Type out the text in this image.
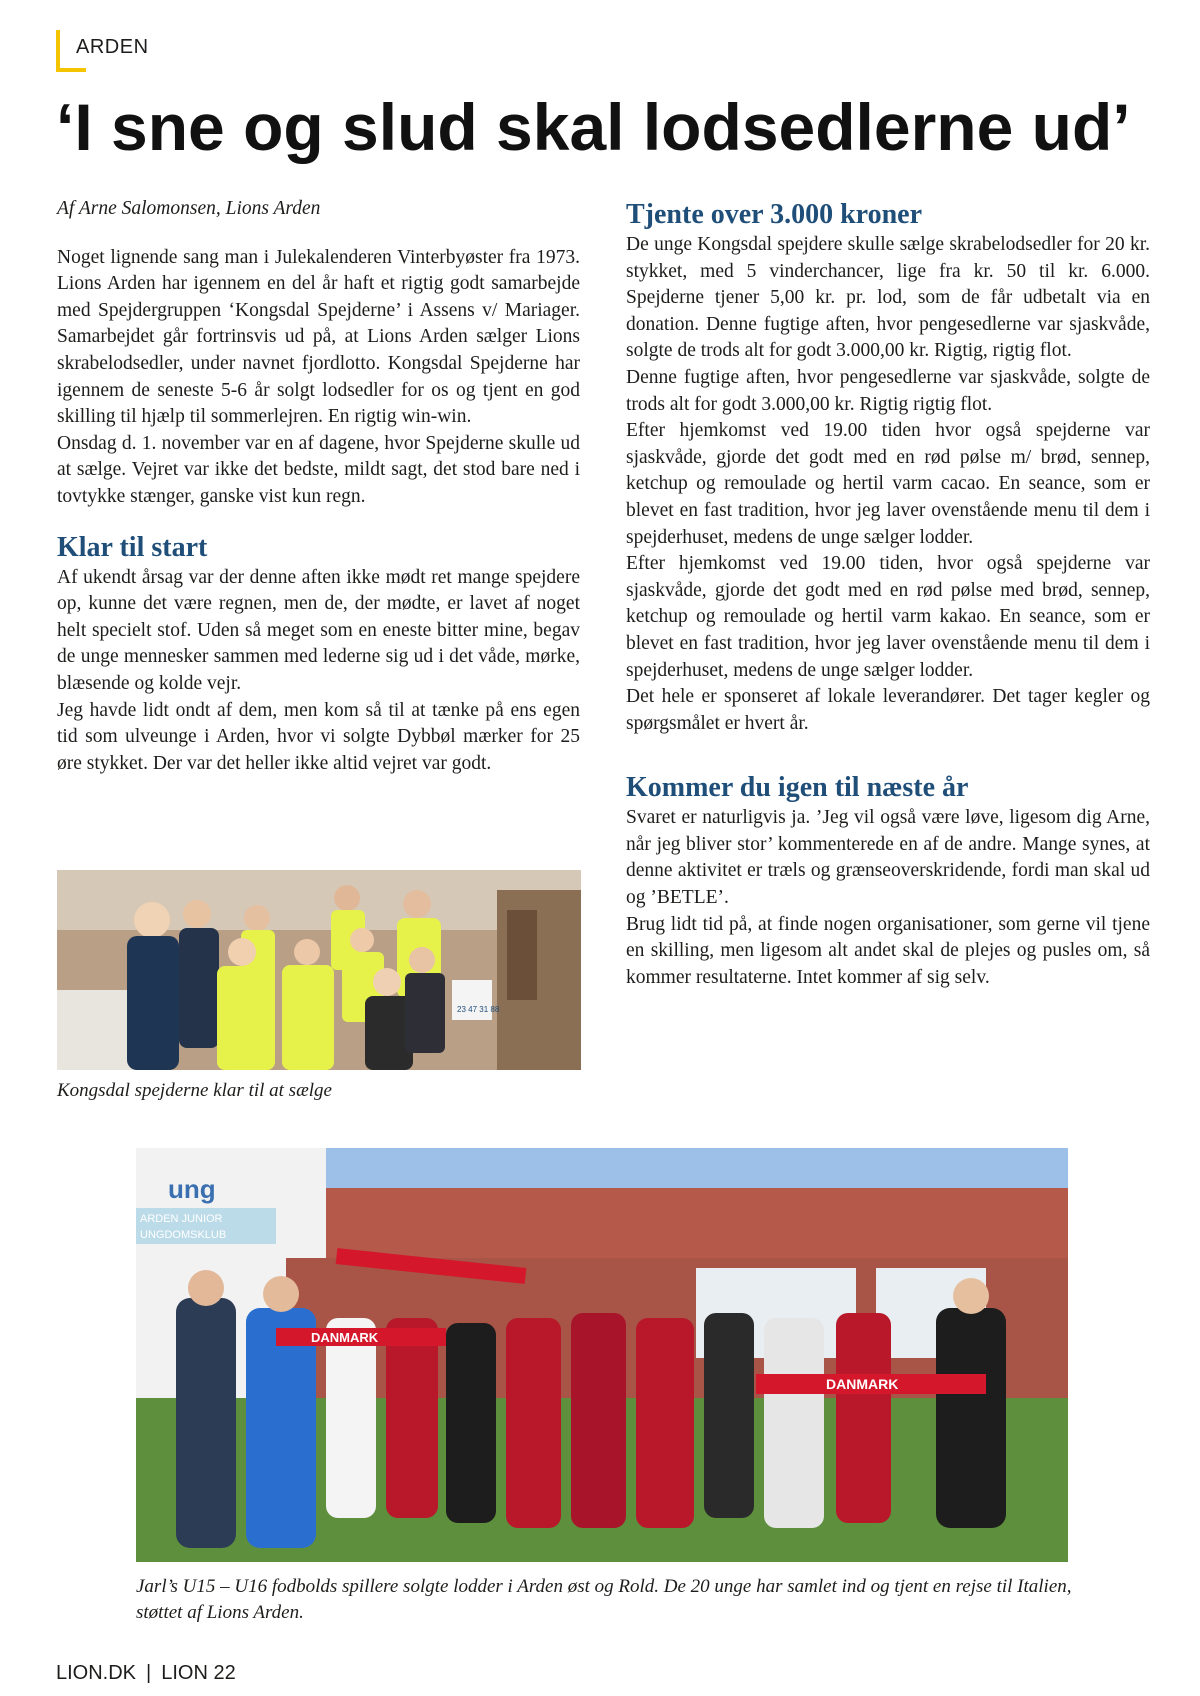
ARDEN
‘I sne og slud skal lodsedlerne ud’

Af Arne Salomonsen, Lions Arden

Noget lignende sang man i Julekalenderen Vinterbyøster fra 1973. Lions Arden har igennem en del år haft et rigtig godt samarbejde med Spejdergruppen ‘Kongsdal Spejderne’ i Assens v/ Mariager. Samarbejdet går fortrinsvis ud på, at Lions Arden sælger Lions skrabelodsedler, under navnet fjordlotto. Kongsdal Spejderne har igennem de seneste 5-6 år solgt lodsedler for os og tjent en god skilling til hjælp til sommerlejren. En rigtig win-win.

Onsdag d. 1. november var en af dagene, hvor Spejderne skulle ud at sælge. Vejret var ikke det bedste, mildt sagt, det stod bare ned i tovtykke stænger, ganske vist kun regn.

Klar til start

Af ukendt årsag var der denne aften ikke mødt ret mange spejdere op, kunne det være regnen, men de, der mødte, er lavet af noget helt specielt stof. Uden så meget som en eneste bitter mine, begav de unge mennesker sammen med lederne sig ud i det våde, mørke, blæsende og kolde vejr.

Jeg havde lidt ondt af dem, men kom så til at tænke på ens egen tid som ulveunge i Arden, hvor vi solgte Dybbøl mærker for 25 øre stykket. Der var det heller ikke altid vejret var godt.

Tjente over 3.000 kroner

De unge Kongsdal spejdere skulle sælge skrabelodsedler for 20 kr. stykket, med 5 vinderchancer, lige fra kr. 50 til kr. 6.000. Spejderne tjener 5,00 kr. pr. lod, som de får udbetalt via en donation. Denne fugtige aften, hvor pengesedlerne var sjaskvåde, solgte de trods alt for godt 3.000,00 kr. Rigtig, rigtig flot.

Denne fugtige aften, hvor pengesedlerne var sjaskvåde, solgte de trods alt for godt 3.000,00 kr. Rigtig rigtig flot.

Efter hjemkomst ved 19.00 tiden hvor også spejderne var sjaskvåde, gjorde det godt med en rød pølse m/ brød, sennep, ketchup og remoulade og hertil varm cacao. En seance, som er blevet en fast tradition, hvor jeg laver ovenstående menu til dem i spejderhuset, medens de unge sælger lodder.

Efter hjemkomst ved 19.00 tiden, hvor også spejderne var sjaskvåde, gjorde det godt med en rød pølse med brød, sennep, ketchup og remoulade og hertil varm kakao. En seance, som er blevet en fast tradition, hvor jeg laver ovenstående menu til dem i spejderhuset, medens de unge sælger lodder.

Det hele er sponseret af lokale leverandører. Det tager kegler og spørgsmålet er hvert år.

Kommer du igen til næste år

Svaret er naturligvis ja. ’Jeg vil også være løve, ligesom dig Arne, når jeg bliver stor’ kommenterede en af de andre. Mange synes, at denne aktivitet er træls og grænseoverskridende, fordi man skal ud og ’BETLE’.

Brug lidt tid på, at finde nogen organisationer, som gerne vil tjene en skilling, men ligesom alt andet skal de plejes og pusles om, så kommer resultaterne. Intet kommer af sig selv.

23 47 31 88

Kongsdal spejderne klar til at sælge

ung
ARDEN JUNIOR
UNGDOMSKLUB
DANMARK
DANMARK

Jarl’s U15 – U16 fodbolds spillere solgte lodder i Arden øst og Rold. De 20 unge har samlet ind og tjent en rejse til Italien, støttet af Lions Arden.

LION.DK | LION 22
